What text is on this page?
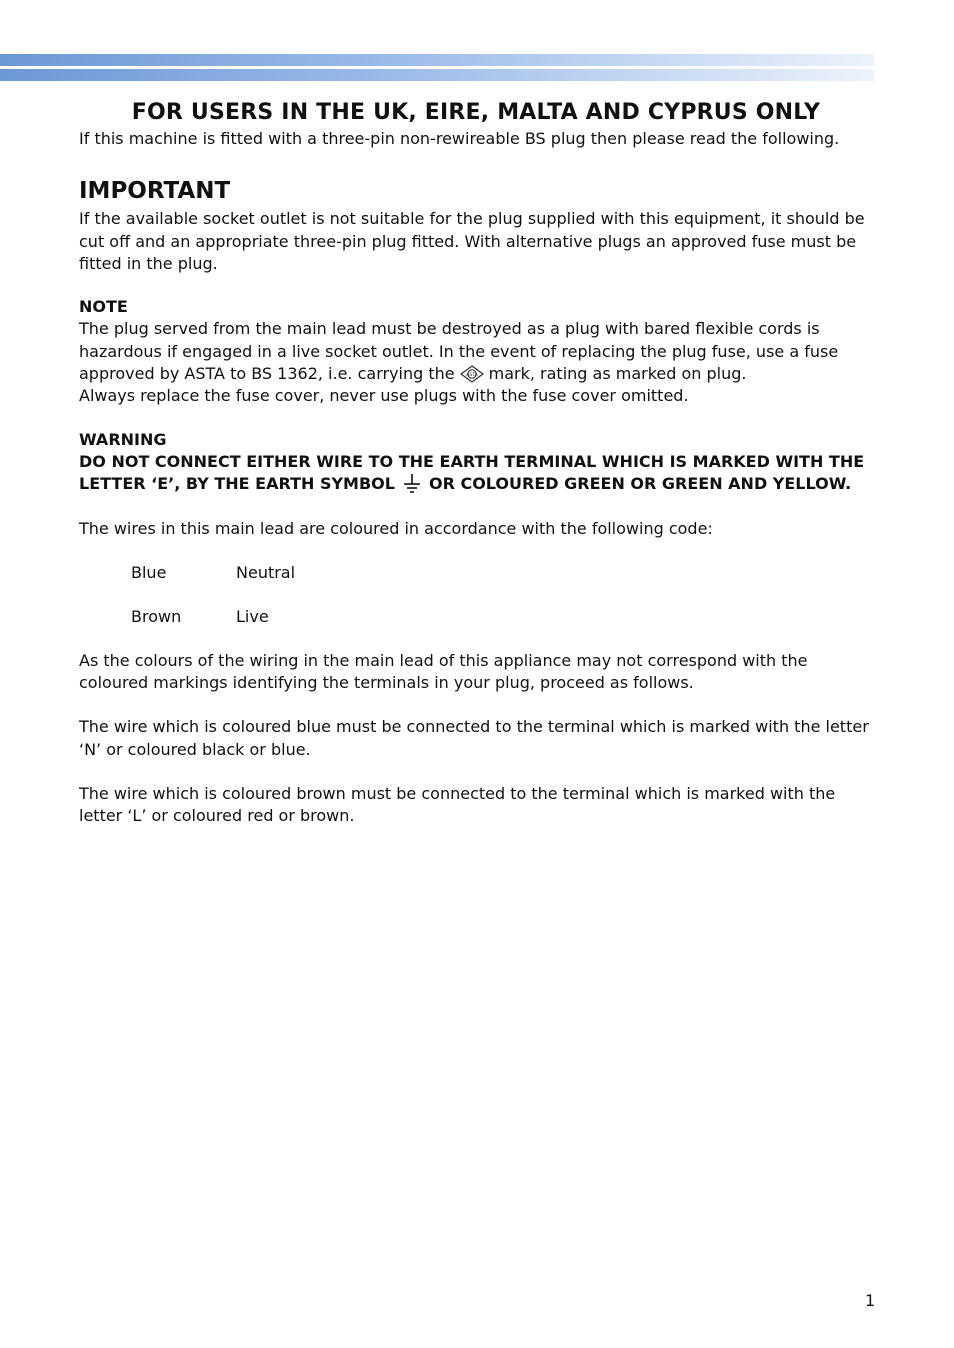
FOR USERS IN THE UK, EIRE, MALTA AND CYPRUS ONLY

If this machine is fitted with a three-pin non-rewireable BS plug then please read the following.

IMPORTANT

If the available socket outlet is not suitable for the plug supplied with this equipment, it should be cut off and an appropriate three-pin plug fitted. With alternative plugs an approved fuse must be fitted in the plug.

NOTE

The plug served from the main lead must be destroyed as a plug with bared flexible cords is hazardous if engaged in a live socket outlet. In the event of replacing the plug fuse, use a fuse approved by ASTA to BS 1362, i.e. carrying the	ASTA mark, rating as marked on plug.
Always replace the fuse cover, never use plugs with the fuse cover omitted.

WARNING

DO NOT CONNECT EITHER WIRE TO THE EARTH TERMINAL WHICH IS MARKED WITH THE LETTER ‘E’, BY THE EARTH SYMBOL OR COLOURED GREEN OR GREEN AND YELLOW.

The wires in this main lead are coloured in accordance with the following code:

Blue	Neutral
Brown	Live

As the colours of the wiring in the main lead of this appliance may not correspond with the coloured markings identifying the terminals in your plug, proceed as follows.

The wire which is coloured blue must be connected to the terminal which is marked with the letter ‘N’ or coloured black or blue.

The wire which is coloured brown must be connected to the terminal which is marked with the letter ‘L’ or coloured red or brown.

1
